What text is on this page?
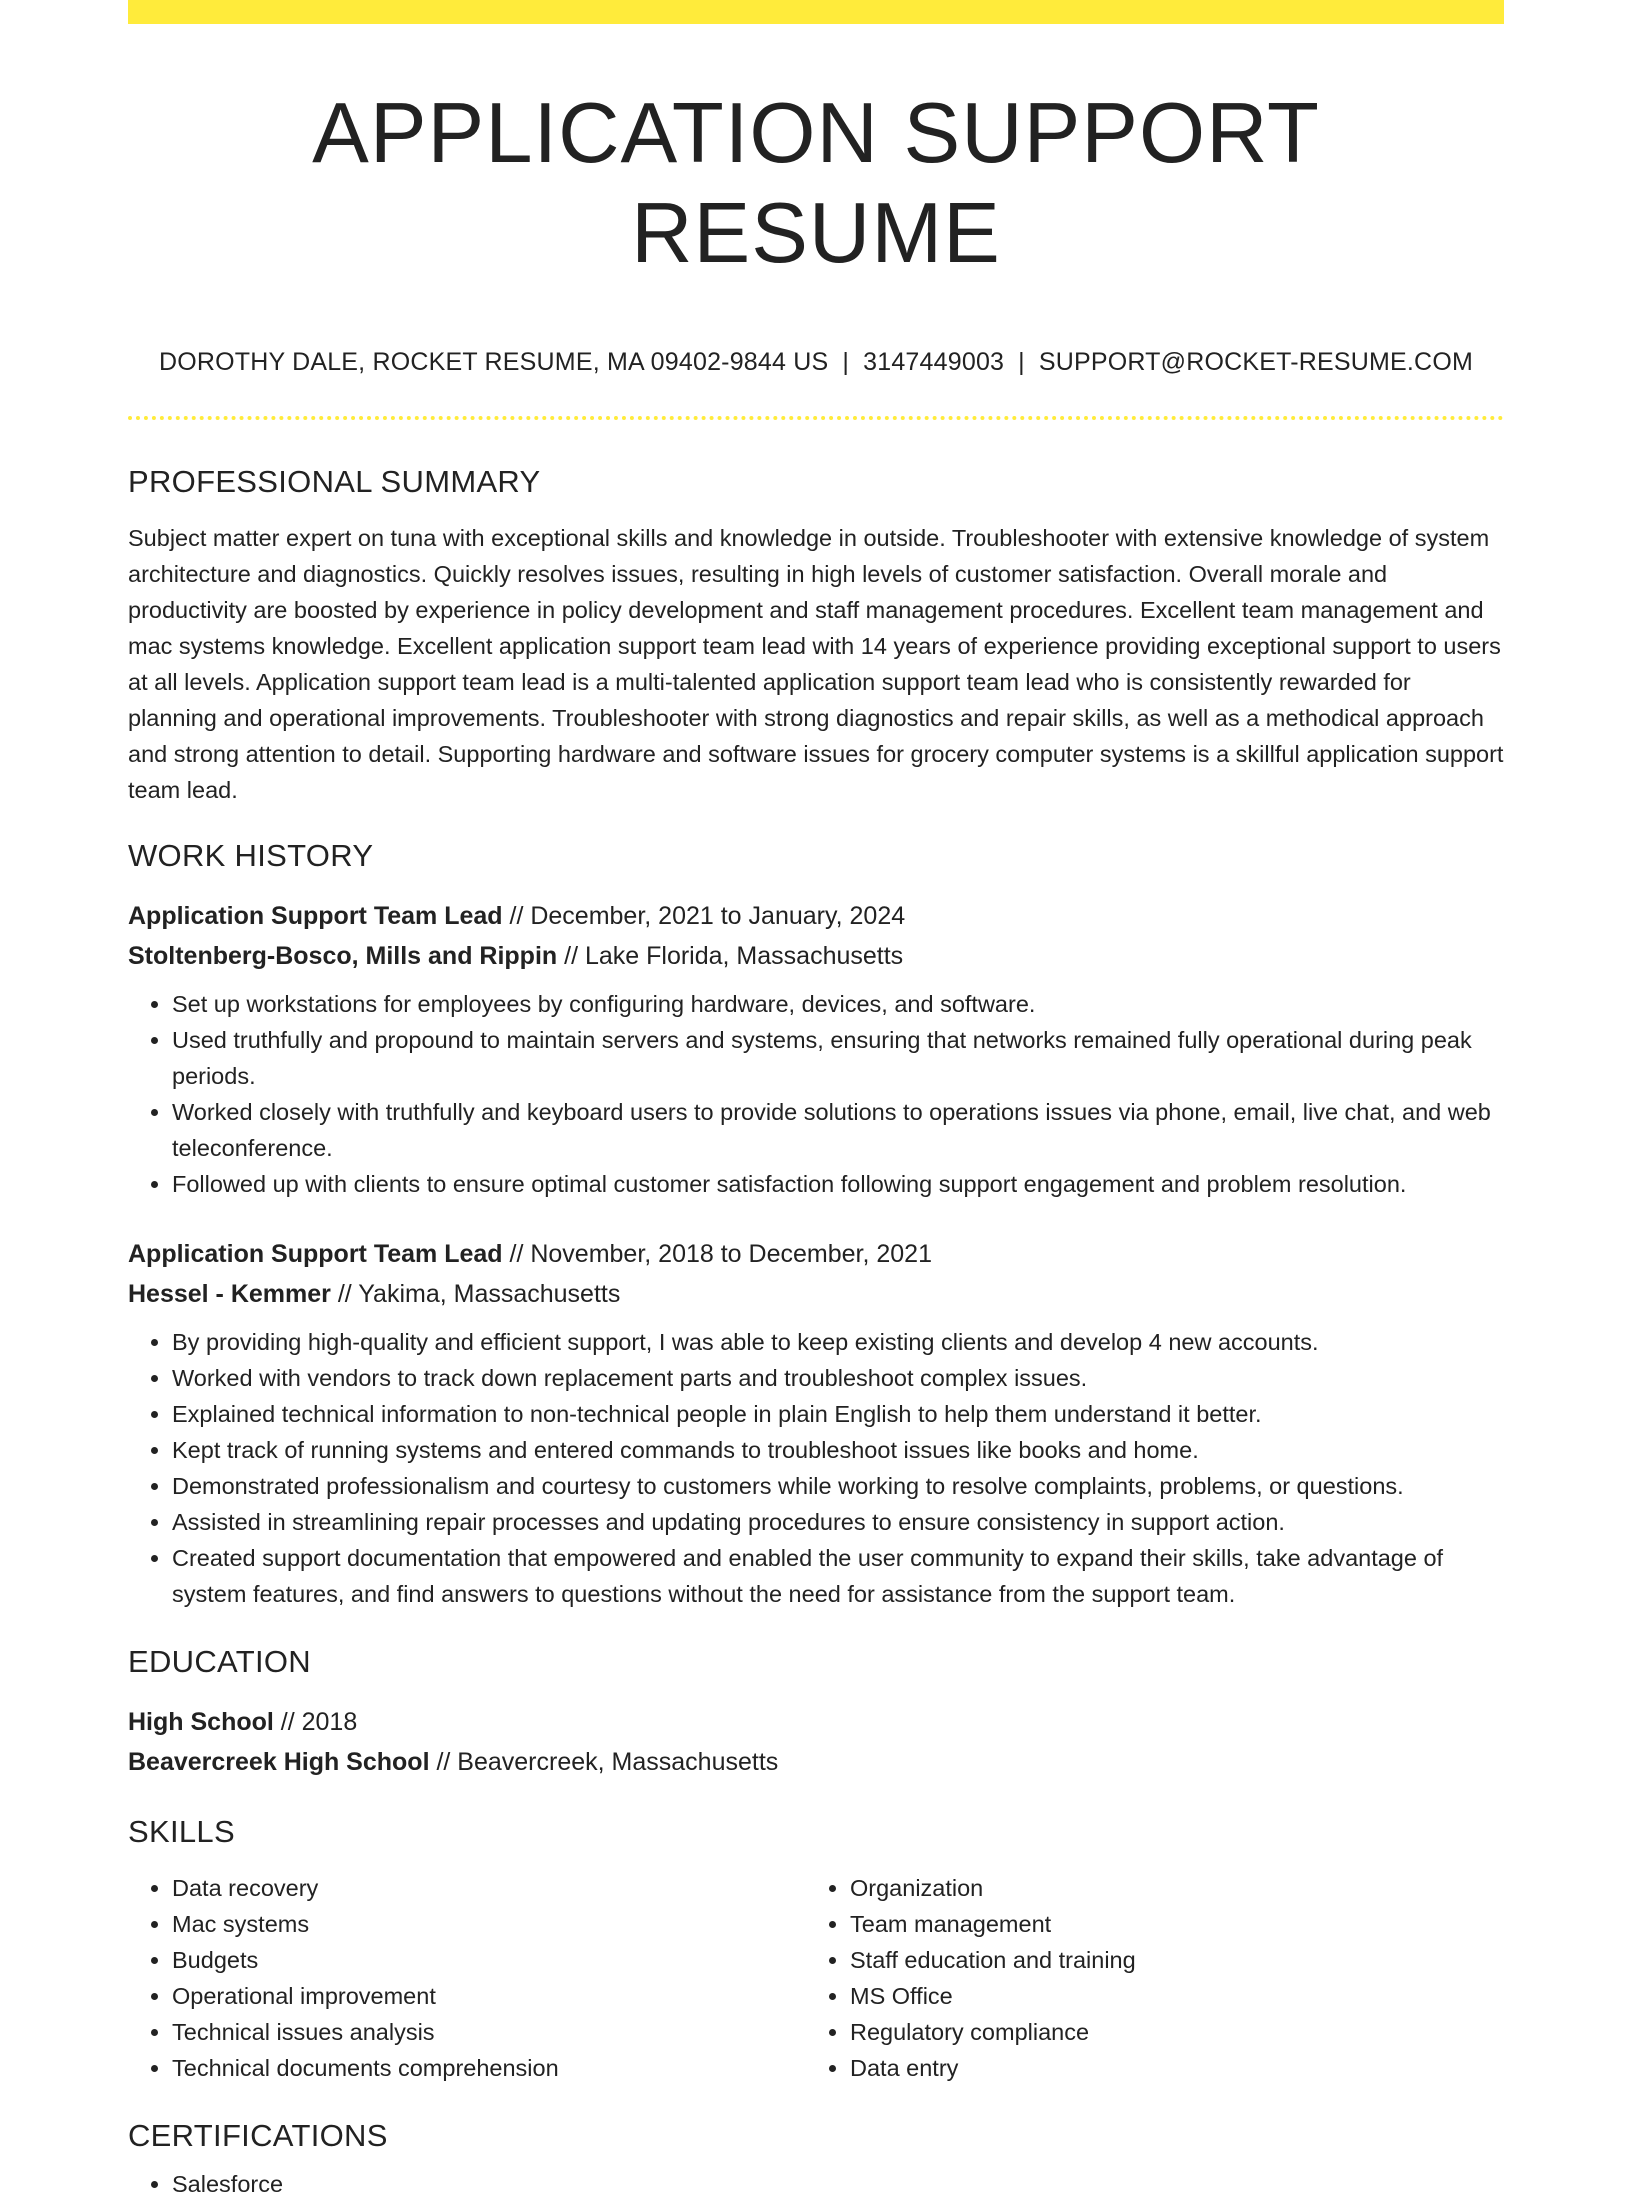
APPLICATION SUPPORT RESUME
DOROTHY DALE, ROCKET RESUME, MA 09402-9844 US | 3147449003 | SUPPORT@ROCKET-RESUME.COM
PROFESSIONAL SUMMARY

Subject matter expert on tuna with exceptional skills and knowledge in outside. Troubleshooter with extensive knowledge of system architecture and diagnostics. Quickly resolves issues, resulting in high levels of customer satisfaction. Overall morale and productivity are boosted by experience in policy development and staff management procedures. Excellent team management and mac systems knowledge. Excellent application support team lead with 14 years of experience providing exceptional support to users at all levels. Application support team lead is a multi-talented application support team lead who is consistently rewarded for planning and operational improvements. Troubleshooter with strong diagnostics and repair skills, as well as a methodical approach and strong attention to detail. Supporting hardware and software issues for grocery computer systems is a skillful application support team lead.

WORK HISTORY
Application Support Team Lead // December, 2021 to January, 2024
Stoltenberg-Bosco, Mills and Rippin // Lake Florida, Massachusetts
• Set up workstations for employees by configuring hardware, devices, and software.
• Used truthfully and propound to maintain servers and systems, ensuring that networks remained fully operational during peak periods.
• Worked closely with truthfully and keyboard users to provide solutions to operations issues via phone, email, live chat, and web teleconference.
• Followed up with clients to ensure optimal customer satisfaction following support engagement and problem resolution.
Application Support Team Lead // November, 2018 to December, 2021
Hessel - Kemmer // Yakima, Massachusetts
• By providing high-quality and efficient support, I was able to keep existing clients and develop 4 new accounts.
• Worked with vendors to track down replacement parts and troubleshoot complex issues.
• Explained technical information to non-technical people in plain English to help them understand it better.
• Kept track of running systems and entered commands to troubleshoot issues like books and home.
• Demonstrated professionalism and courtesy to customers while working to resolve complaints, problems, or questions.
• Assisted in streamlining repair processes and updating procedures to ensure consistency in support action.
• Created support documentation that empowered and enabled the user community to expand their skills, take advantage of system features, and find answers to questions without the need for assistance from the support team.
EDUCATION
High School // 2018
Beavercreek High School // Beavercreek, Massachusetts
SKILLS
• Data recovery
• Mac systems
• Budgets
• Operational improvement
• Technical issues analysis
• Technical documents comprehension
• Organization
• Team management
• Staff education and training
• MS Office
• Regulatory compliance
• Data entry
CERTIFICATIONS
• Salesforce
